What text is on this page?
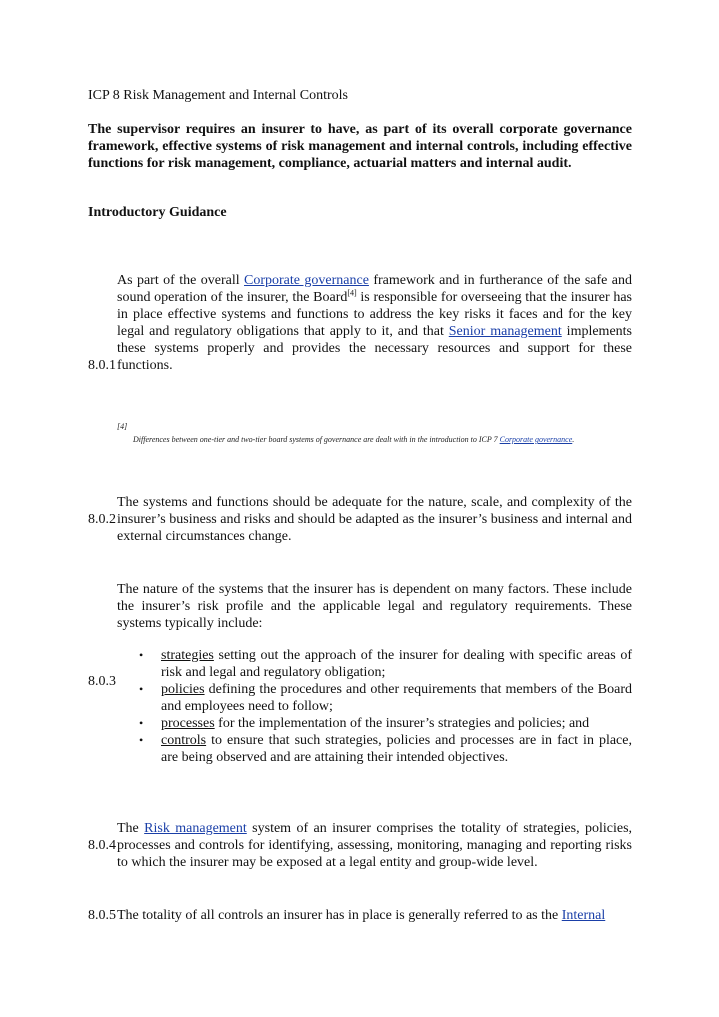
ICP 8 Risk Management and Internal Controls
The supervisor requires an insurer to have, as part of its overall corporate governance framework, effective systems of risk management and internal controls, including effective functions for risk management, compliance, actuarial matters and internal audit.
Introductory Guidance
8.0.1
As part of the overall Corporate governance framework and in furtherance of the safe and sound operation of the insurer, the Board[4] is responsible for overseeing that the insurer has in place effective systems and functions to address the key risks it faces and for the key legal and regulatory obligations that apply to it, and that Senior management implements these systems properly and provides the necessary resources and support for these functions.
[4]
Differences between one-tier and two-tier board systems of governance are dealt with in the introduction to ICP 7 Corporate governance.
8.0.2
The systems and functions should be adequate for the nature, scale, and complexity of the insurer’s business and risks and should be adapted as the insurer’s business and internal and external circumstances change.
8.0.3
The nature of the systems that the insurer has is dependent on many factors. These include the insurer’s risk profile and the applicable legal and regulatory requirements. These systems typically include:
•	strategies setting out the approach of the insurer for dealing with specific areas of risk and legal and regulatory obligation;
•	policies defining the procedures and other requirements that members of the Board and employees need to follow;
•	processes for the implementation of the insurer’s strategies and policies; and
•	controls to ensure that such strategies, policies and processes are in fact in place, are being observed and are attaining their intended objectives.
8.0.4
The Risk management system of an insurer comprises the totality of strategies, policies, processes and controls for identifying, assessing, monitoring, managing and reporting risks to which the insurer may be exposed at a legal entity and group-wide level.
8.0.5 The totality of all controls an insurer has in place is generally referred to as the Internal
